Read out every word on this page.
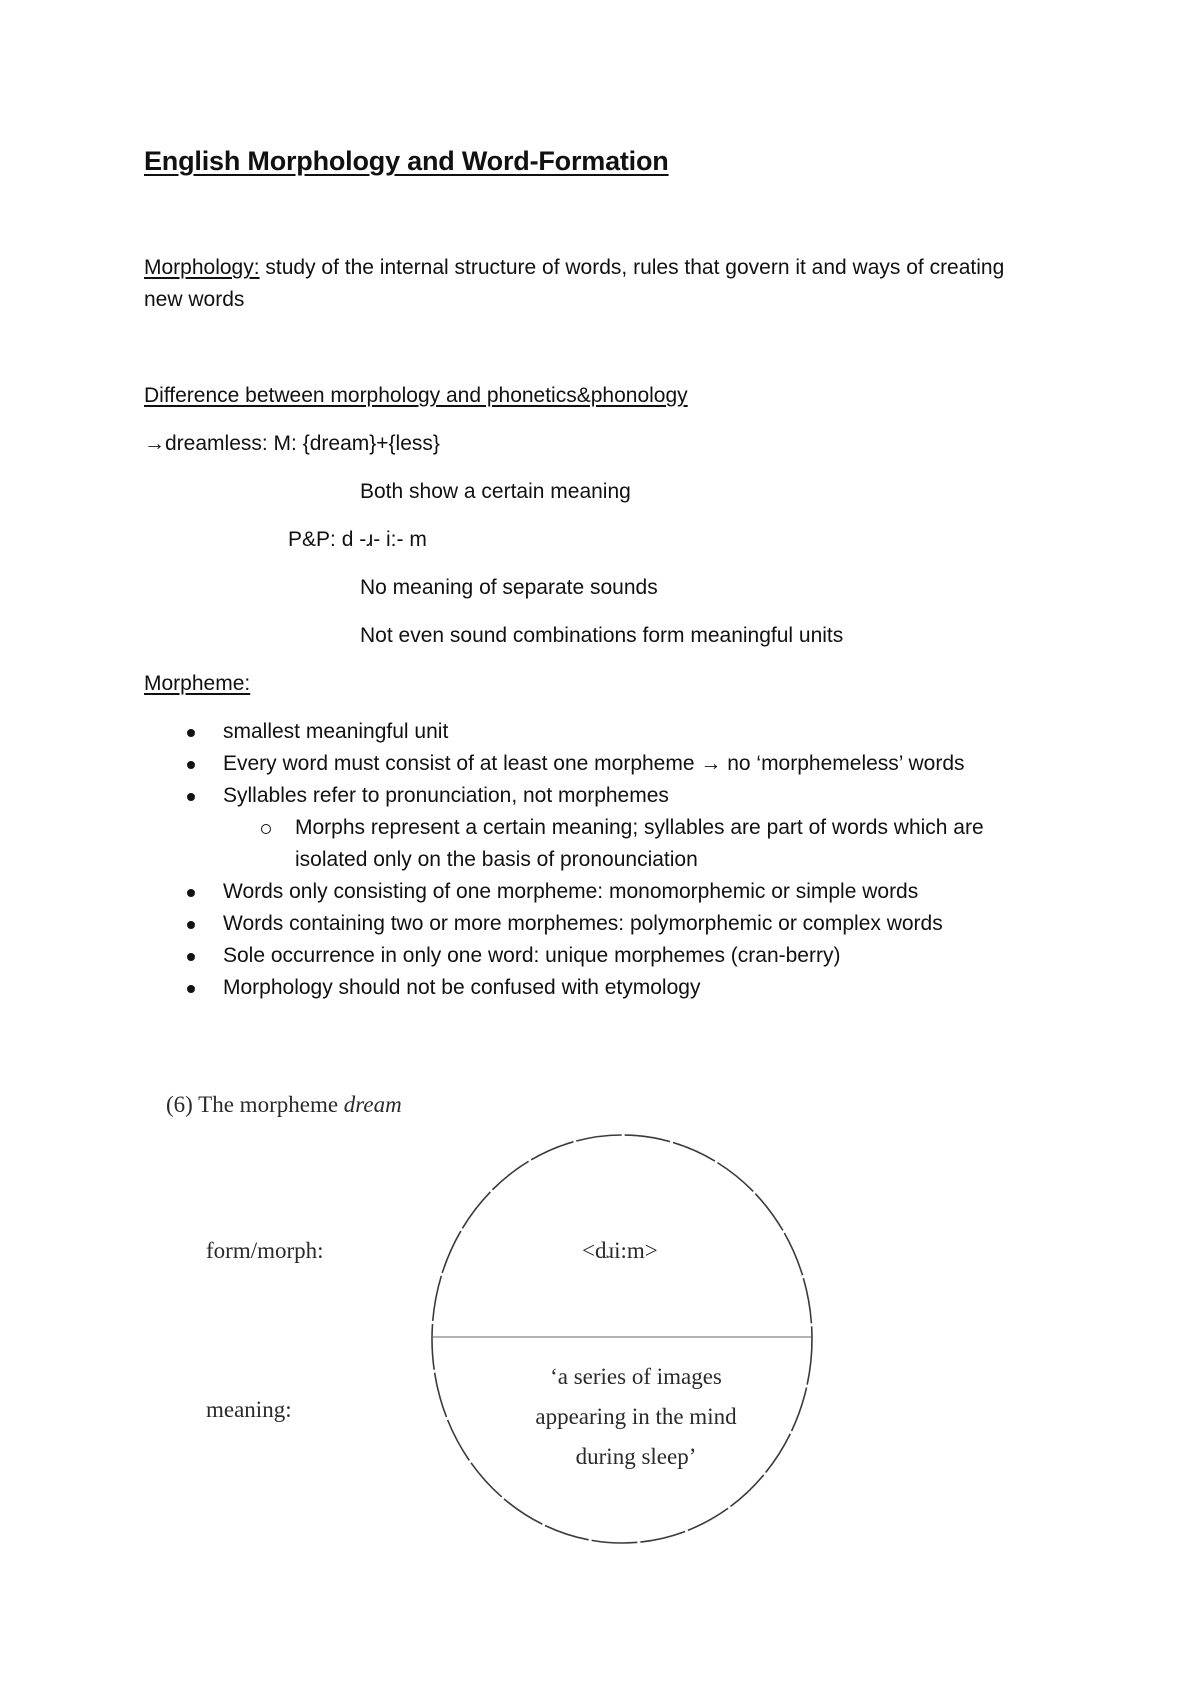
English Morphology and Word-Formation

Morphology: study of the internal structure of words, rules that govern it and ways of creating new words

Difference between morphology and phonetics&phonology
→dreamless: M: {dream}+{less}
Both show a certain meaning
P&P: d -ɹ- i:- m
No meaning of separate sounds
Not even sound combinations form meaningful units
Morpheme:
smallest meaningful unit
Every word must consist of at least one morpheme → no ‘morphemeless’ words
Syllables refer to pronunciation, not morphemes
Morphs represent a certain meaning; syllables are part of words which are isolated only on the basis of pronounciation
Words only consisting of one morpheme: monomorphemic or simple words
Words containing two or more morphemes: polymorphemic or complex words
Sole occurrence in only one word: unique morphemes (cran-berry)
Morphology should not be confused with etymology
(6) The morpheme dream
form/morph:	<dɹi:m>
meaning:
‘a series of images
appearing in the mind
during sleep’
